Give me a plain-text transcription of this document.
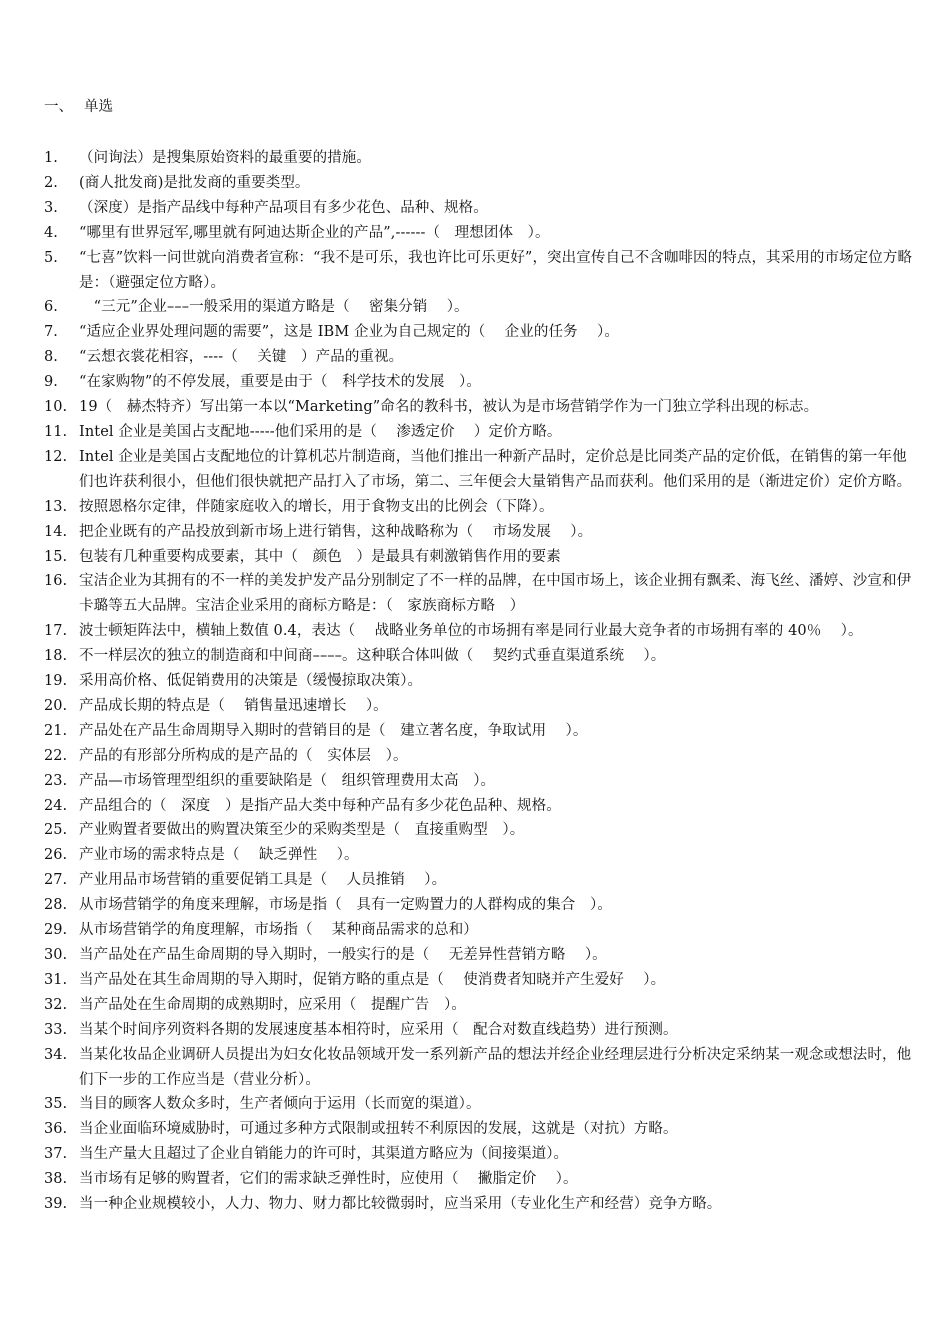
一、 单选
1.	（问询法）是搜集原始资料的最重要的措施。
2.	(商人批发商)是批发商的重要类型。
3.	（深度）是指产品线中每种产品项目有多少花色、品种、规格。
4.	“哪里有世界冠军,哪里就有阿迪达斯企业的产品”,------（　理想团体　）。
5.	“七喜”饮料一问世就向消费者宣称：“我不是可乐，我也许比可乐更好”，突出宣传自己不含咖啡因的特点，其采用的市场定位方略是：（避强定位方略）。
6.	　“三元”企业–––一般采用的渠道方略是（　 密集分销　 ）。
7.	“适应企业界处理问题的需要”，这是 IBM 企业为自己规定的（　 企业的任务　 ）。
8.	“云想衣裳花相容，----（　 关键　）产品的重视。
9.	“在家购物”的不停发展，重要是由于（　科学技术的发展　）。
10. 19（　赫杰特齐）写出第一本以“Marketing”命名的教科书，被认为是市场营销学作为一门独立学科出现的标志。
11. Intel 企业是美国占支配地-----他们采用的是（　 渗透定价　 ）定价方略。
12. Intel 企业是美国占支配地位的计算机芯片制造商，当他们推出一种新产品时，定价总是比同类产品的定价低，在销售的第一年他们也许获利很小，但他们很快就把产品打入了市场，第二、三年便会大量销售产品而获利。他们采用的是（渐进定价）定价方略。
13. 按照恩格尔定律，伴随家庭收入的增长，用于食物支出的比例会（下降）。
14. 把企业既有的产品投放到新市场上进行销售，这种战略称为（　 市场发展　 ）。
15. 包装有几种重要构成要素，其中（　颜色　）是最具有刺激销售作用的要素
16. 宝洁企业为其拥有的不一样的美发护发产品分别制定了不一样的品牌，在中国市场上，该企业拥有飘柔、海飞丝、潘婷、沙宣和伊卡璐等五大品牌。宝洁企业采用的商标方略是：（　家族商标方略　）
17. 波士顿矩阵法中，横轴上数值 0.4，表达（　 战略业务单位的市场拥有率是同行业最大竞争者的市场拥有率的 40％　 ）。
18. 不一样层次的独立的制造商和中间商––––。这种联合体叫做（　 契约式垂直渠道系统　 ）。
19. 采用高价格、低促销费用的决策是（缓慢掠取决策）。
20. 产品成长期的特点是（　 销售量迅速增长　 ）。
21. 产品处在产品生命周期导入期时的营销目的是（　建立著名度，争取试用　 ）。
22. 产品的有形部分所构成的是产品的（　实体层　）。
23. 产品—市场管理型组织的重要缺陷是（　组织管理费用太高　）。
24. 产品组合的（　深度　）是指产品大类中每种产品有多少花色品种、规格。
25. 产业购置者要做出的购置决策至少的采购类型是（　直接重购型　）。
26. 产业市场的需求特点是（　 缺乏弹性　 ）。
27. 产业用品市场营销的重要促销工具是（　 人员推销　 ）。
28. 从市场营销学的角度来理解，市场是指（　具有一定购置力的人群构成的集合　）。
29. 从市场营销学的角度理解，市场指（　 某种商品需求的总和）
30. 当产品处在产品生命周期的导入期时，一般实行的是（　 无差异性营销方略　 ）。
31. 当产品处在其生命周期的导入期时，促销方略的重点是（　 使消费者知晓并产生爱好　 ）。
32. 当产品处在生命周期的成熟期时，应采用（　提醒广告　）。
33. 当某个时间序列资料各期的发展速度基本相符时，应采用（　配合对数直线趋势）进行预测。
34. 当某化妆品企业调研人员提出为妇女化妆品领域开发一系列新产品的想法并经企业经理层进行分析决定采纳某一观念或想法时，他们下一步的工作应当是（营业分析）。
35. 当目的顾客人数众多时，生产者倾向于运用（长而宽的渠道）。
36. 当企业面临环境威胁时，可通过多种方式限制或扭转不利原因的发展，这就是（对抗）方略。
37. 当生产量大且超过了企业自销能力的许可时，其渠道方略应为（间接渠道）。
38. 当市场有足够的购置者，它们的需求缺乏弹性时，应使用（　 撇脂定价　 ）。
39. 当一种企业规模较小，人力、物力、财力都比较微弱时，应当采用（专业化生产和经营）竞争方略。
